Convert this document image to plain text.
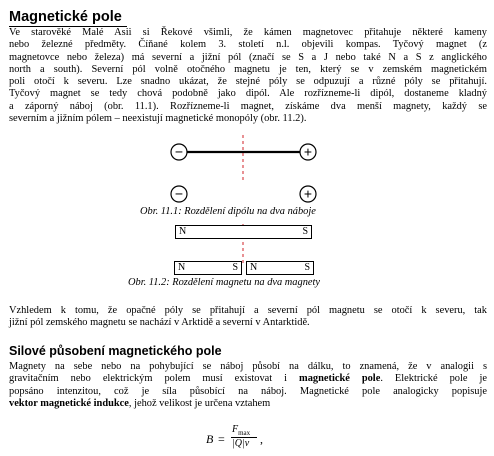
Magnetické pole
Ve starověké Malé Asii si Řekové všimli, že kámen magnetovec přitahuje některé kameny
nebo železné předměty. Číňané kolem 3. století n.l. objevili kompas. Tyčový magnet (z
magnetovce nebo železa) má severní a jižní pól (značí se S a J nebo také N a S z anglického
north a south). Severní pól volně otočného magnetu je ten, který se v zemském magnetickém
poli otočí k severu. Lze snadno ukázat, že stejné póly se odpuzují a různé póly se přitahují.
Tyčový magnet se tedy chová podobně jako dipól. Ale rozřízneme-li dipól, dostaneme kladný
a záporný náboj (obr. 11.1). Rozřízneme-li magnet, získáme dva menší magnety, každý se
severním a jižním pólem – neexistují magnetické monopóly (obr. 11.2).
−	+
−	+
Obr. 11.1: Rozdělení dipólu na dva náboje
N	S
N	S N	S
Obr. 11.2: Rozdělení magnetu na dva magnety
Vzhledem k tomu, že opačné póly se přitahují a severní pól magnetu se otočí k severu, tak
jižní pól zemského magnetu se nachází v Arktidě a severní v Antarktidě.
Silové působení magnetického pole
Magnety na sebe nebo na pohybující se náboj působí na dálku, to znamená, že v analogii s
gravitačním nebo elektrickým polem musí existovat i magnetické pole. Elektrické pole je
popsáno intenzitou, což je síla působící na náboj. Magnetické pole analogicky popisuje
vektor magnetické indukce, jehož velikost je určena vztahem
B =
$F_{max}$
|Q|v ,
